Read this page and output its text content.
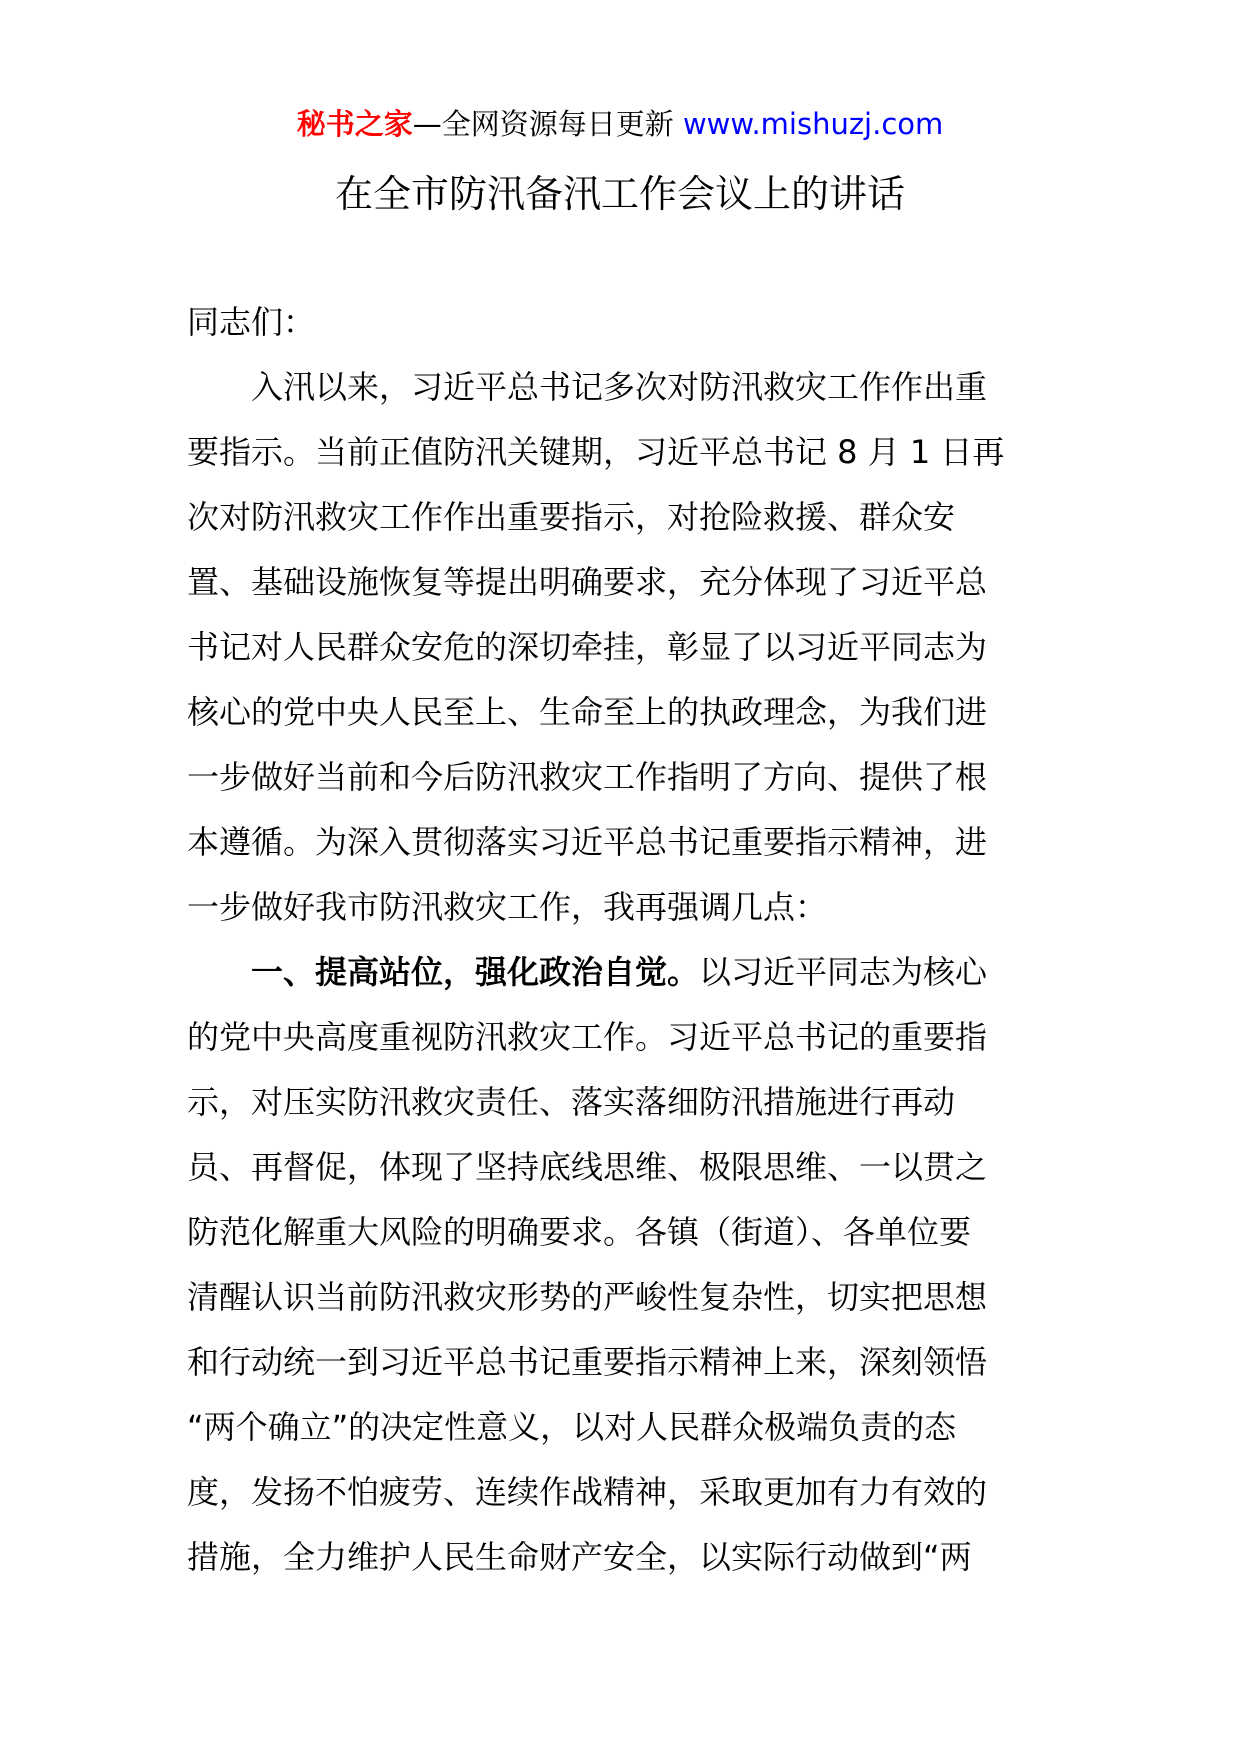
秘书之家—全网资源每日更新 www.mishuzj.com
在全市防汛备汛工作会议上的讲话
同志们：
　　入汛以来，习近平总书记多次对防汛救灾工作作出重
要指示。当前正值防汛关键期，习近平总书记 8 月 1 日再
次对防汛救灾工作作出重要指示，对抢险救援、群众安
置、基础设施恢复等提出明确要求，充分体现了习近平总
书记对人民群众安危的深切牵挂，彰显了以习近平同志为
核心的党中央人民至上、生命至上的执政理念，为我们进
一步做好当前和今后防汛救灾工作指明了方向、提供了根
本遵循。为深入贯彻落实习近平总书记重要指示精神，进
一步做好我市防汛救灾工作，我再强调几点：
　　一、提高站位，强化政治自觉。以习近平同志为核心
的党中央高度重视防汛救灾工作。习近平总书记的重要指
示，对压实防汛救灾责任、落实落细防汛措施进行再动
员、再督促，体现了坚持底线思维、极限思维、一以贯之
防范化解重大风险的明确要求。各镇（街道）、各单位要
清醒认识当前防汛救灾形势的严峻性复杂性，切实把思想
和行动统一到习近平总书记重要指示精神上来，深刻领悟
“两个确立”的决定性意义，以对人民群众极端负责的态
度，发扬不怕疲劳、连续作战精神，采取更加有力有效的
措施，全力维护人民生命财产安全，以实际行动做到“两
